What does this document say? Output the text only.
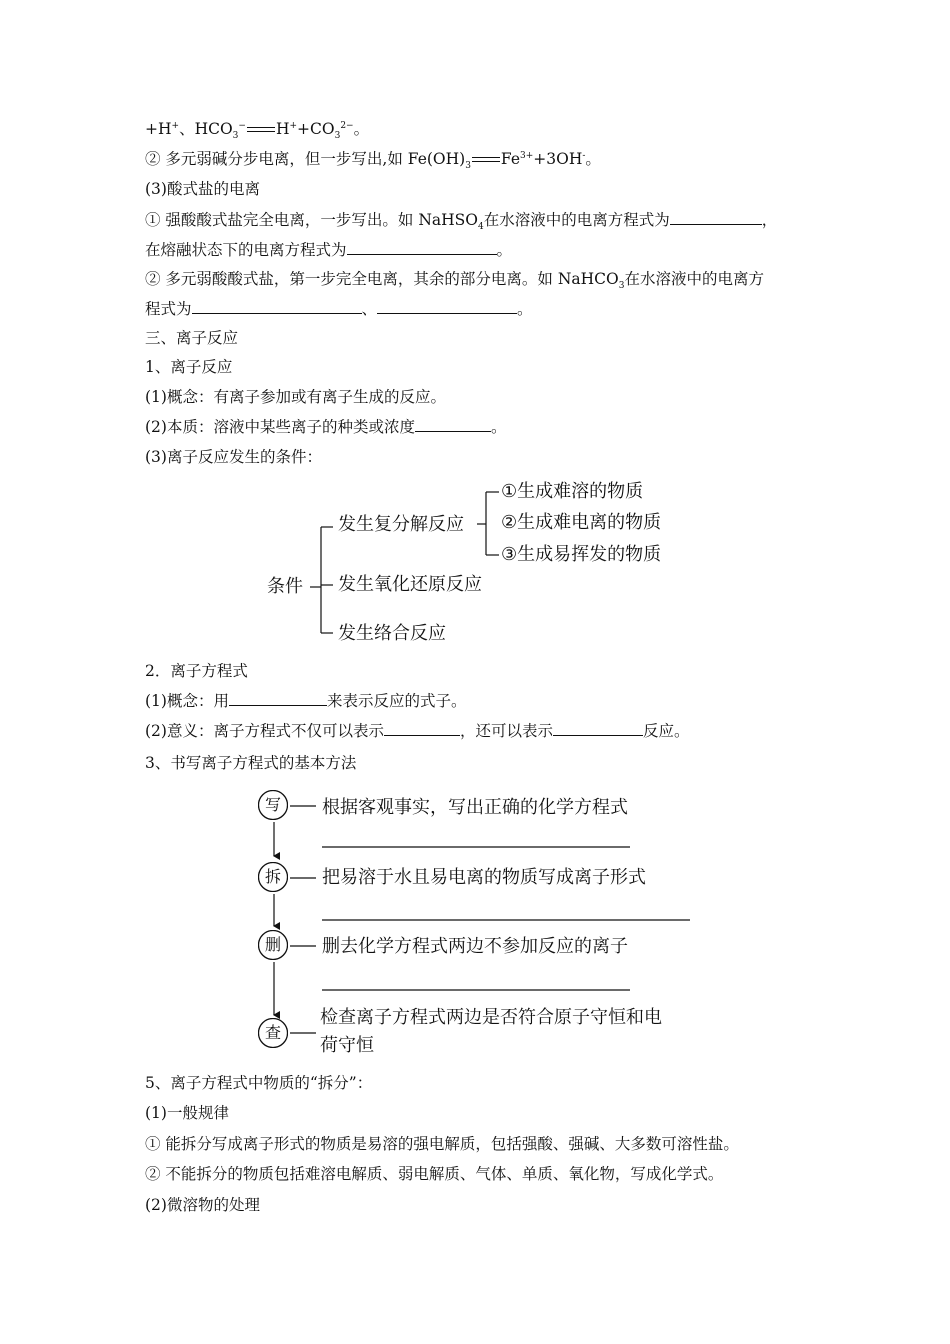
+H+、$HCO_3^-$ $H^++CO_3^{2-}$。
② 多元弱碱分步电离，但一步写出,如 $Fe(OH)_3$ $Fe^{3+}+3OH^-$。
(3)酸式盐的电离
① 强酸酸式盐完全电离，一步写出。如 NaHSO$_4$在水溶液中的电离方程式为	，
在熔融状态下的电离方程式为	。
② 多元弱酸酸式盐，第一步完全电离，其余的部分电离。如 NaHCO$_3$在水溶液中的电离方
程式为	、	。
三、离子反应
1、离子反应
(1)概念：有离子参加或有离子生成的反应。
(2)本质：溶液中某些离子的种类或浓度	。
(3)离子反应发生的条件：
条件
发生复分解反应
①生成难溶的物质
②生成难电离的物质
③生成易挥发的物质
发生氧化还原反应
发生络合反应
2．离子方程式
(1)概念：用	来表示反应的式子。
(2)意义：离子方程式不仅可以表示	，还可以表示	反应。
3、书写离子方程式的基本方法
写	根据客观事实，写出正确的化学方程式
拆	把易溶于水且易电离的物质写成离子形式
删	删去化学方程式两边不参加反应的离子
查
检查离子方程式两边是否符合原子守恒和电
荷守恒
5、离子方程式中物质的“拆分”：
(1)一般规律
① 能拆分写成离子形式的物质是易溶的强电解质，包括强酸、强碱、大多数可溶性盐。
② 不能拆分的物质包括难溶电解质、弱电解质、气体、单质、氧化物，写成化学式。
(2)微溶物的处理
